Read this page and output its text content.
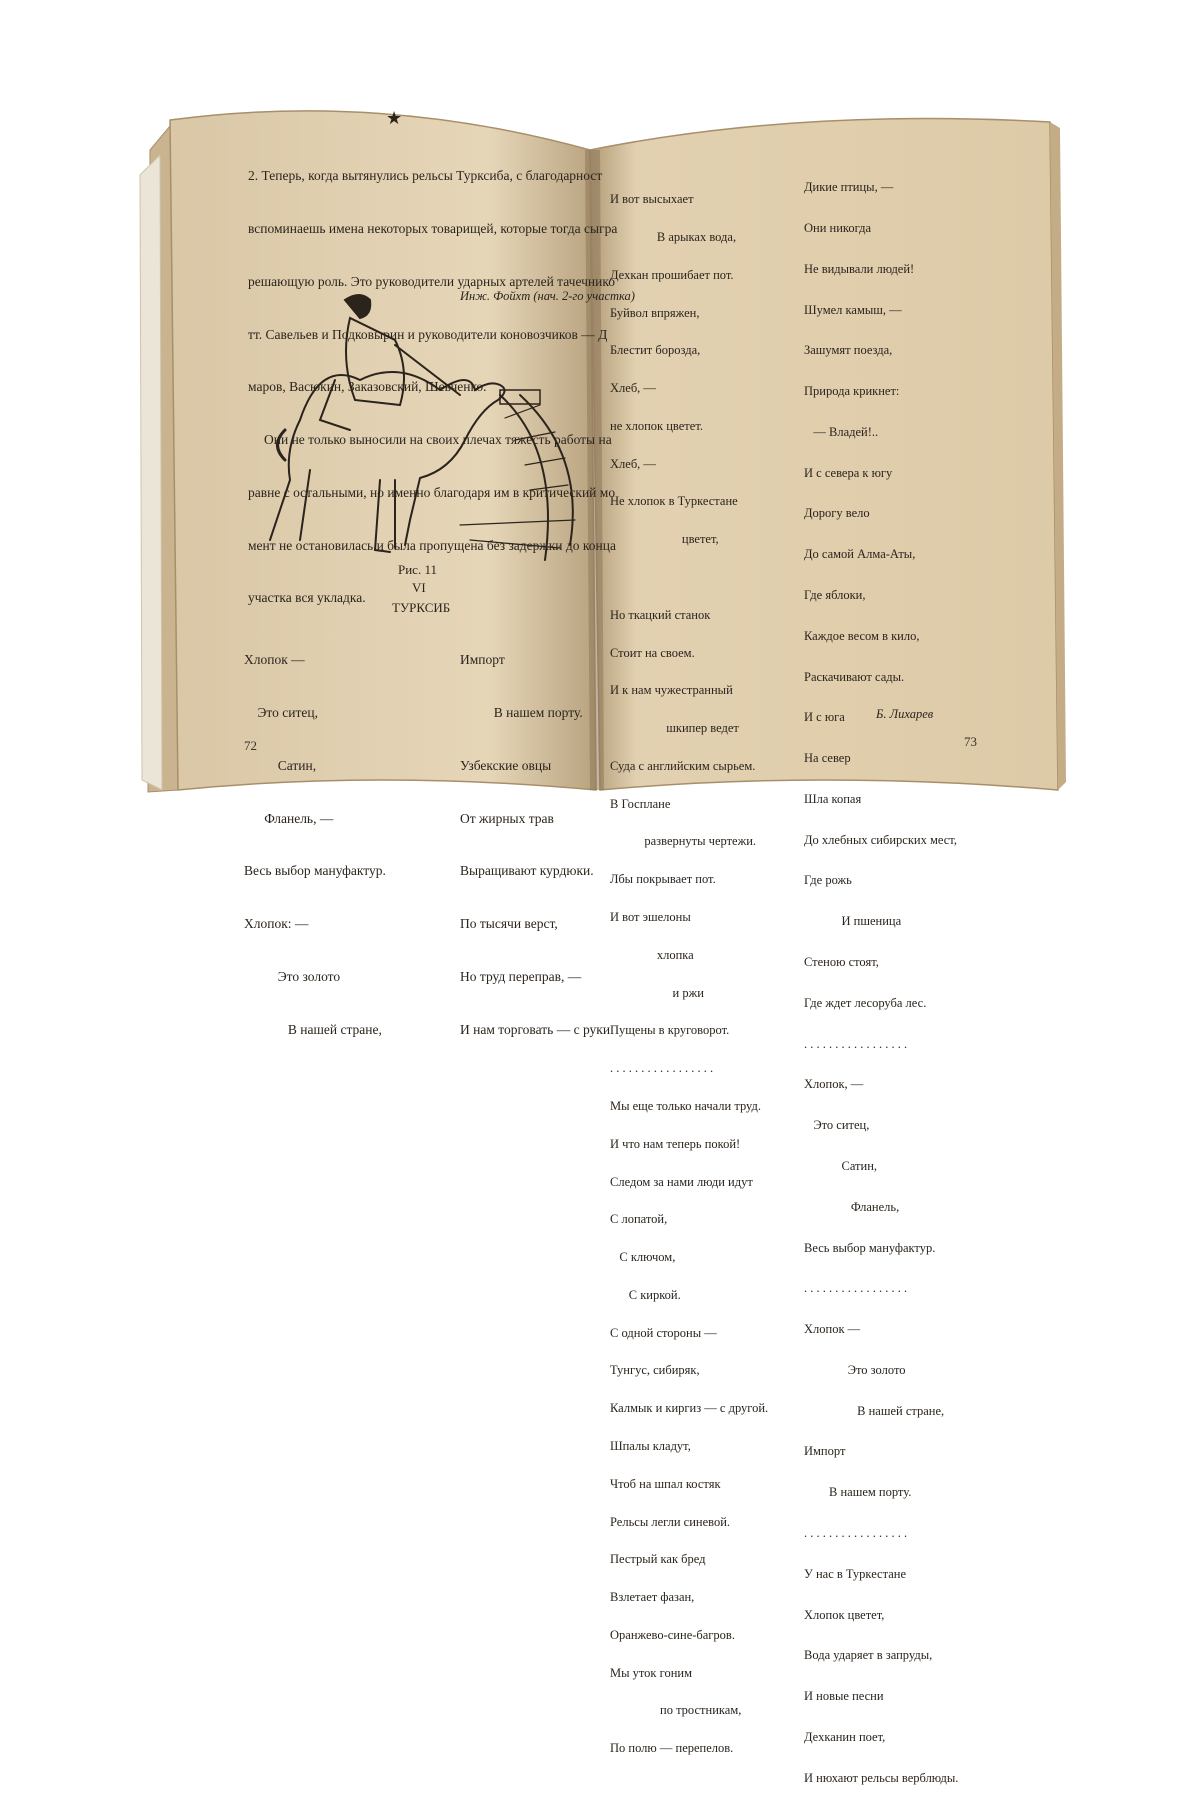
★

2. Теперь, когда вытянулись рельсы Турксиба, с благодарност

вспоминаешь имена некоторых товарищей, которые тогда сыгра

решающую роль. Это руководители ударных артелей тачечнико

тт. Савельев и Подковырин и руководители коновозчиков — Д

маров, Васюкин, Заказовский, Шевченко.

Они не только выносили на своих плечах тяжесть работы на

равне с остальными, но именно благодаря им в критический мо

мент не остановилась и была пропущена без задержки до конца

участка вся укладка.

Инж. Фойхт (нач. 2-го участка)
Рис. 11
VI
ТУРКСИБ

Хлопок —

Это ситец,

Сатин,

Фланель, —

Весь выбор мануфактур.

Хлопок: —

Это золото

В нашей стране,

Импорт

В нашем порту.

Узбекские овцы

От жирных трав

Выращивают курдюки.

По тысячи верст,

Но труд переправ, —

И нам торговать — с руки

72

И вот высыхает

В арыках вода,

Дехкан прошибает пот.

Буйвол впряжен,

Блестит борозда,

Хлеб, —

не хлопок цветет.

Хлеб, —

Не хлопок в Туркестане

цветет,

Но ткацкий станок

Стоит на своем.

И к нам чужестранный

шкипер ведет

Суда с английским сырьем.

В Госплане

развернуты чертежи.

Лбы покрывает пот.

И вот эшелоны

хлопка

и ржи

Пущены в круговорот.

. . . . . . . . . . . . . . . . .

Мы еще только начали труд.

И что нам теперь покой!

Следом за нами люди идут

С лопатой,

С ключом,

С киркой.

С одной стороны —

Тунгус, сибиряк,

Калмык и киргиз — с другой.

Шпалы кладут,

Чтоб на шпал костяк

Рельсы легли синевой.

Пестрый как бред

Взлетает фазан,

Оранжево-сине-багров.

Мы уток гоним

по тростникам,

По полю — перепелов.

Дикие птицы, —

Они никогда

Не видывали людей!

Шумел камыш, —

Зашумят поезда,

Природа крикнет:

— Владей!..

И с севера к югу

Дорогу вело

До самой Алма-Аты,

Где яблоки,

Каждое весом в кило,

Раскачивают сады.

И с юга

На север

Шла копая

До хлебных сибирских мест,

Где рожь

И пшеница

Стеною стоят,

Где ждет лесоруба лес.

. . . . . . . . . . . . . . . . .

Хлопок, —

Это ситец,

Сатин,

Фланель,

Весь выбор мануфактур.

. . . . . . . . . . . . . . . . .

Хлопок —

Это золото

В нашей стране,

Импорт

В нашем порту.

. . . . . . . . . . . . . . . . .

У нас в Туркестане

Хлопок цветет,

Вода ударяет в запруды,

И новые песни

Дехканин поет,

И нюхают рельсы верблюды.

Б. Лихарев
73
